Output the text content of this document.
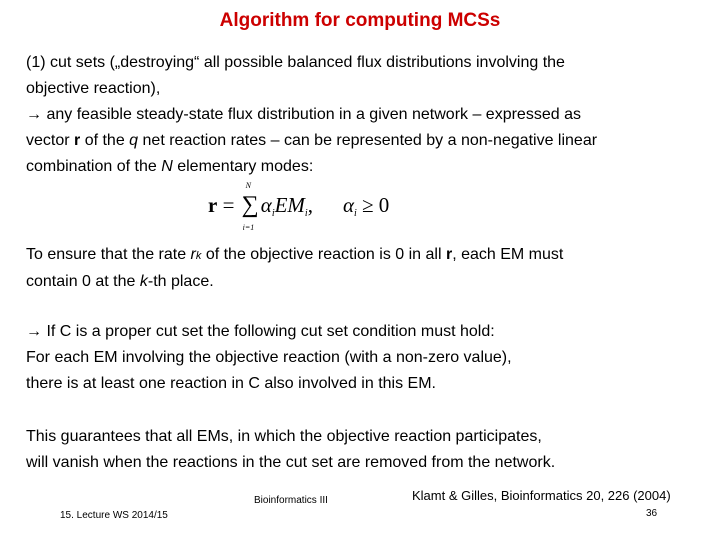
Algorithm for computing MCSs
(1) cut sets („destroying“ all possible balanced flux distributions involving the
objective reaction),
→ any feasible steady-state flux distribution in a given network – expressed as
vector r of the q net reaction rates – can be represented by a non-negative linear
combination of the N elementary modes:
r = ∑
N
i=1
αiEMi, αi ≥ 0
To ensure that the rate rk of the objective reaction is 0 in all r, each EM must
contain 0 at the k-th place.
→ If C is a proper cut set the following cut set condition must hold:
For each EM involving the objective reaction (with a non-zero value),
there is at least one reaction in C also involved in this EM.
This guarantees that all EMs, in which the objective reaction participates,
will vanish when the reactions in the cut set are removed from the network.
Bioinformatics III
15. Lecture WS 2014/15
Klamt & Gilles, Bioinformatics 20, 226 (2004)
36
